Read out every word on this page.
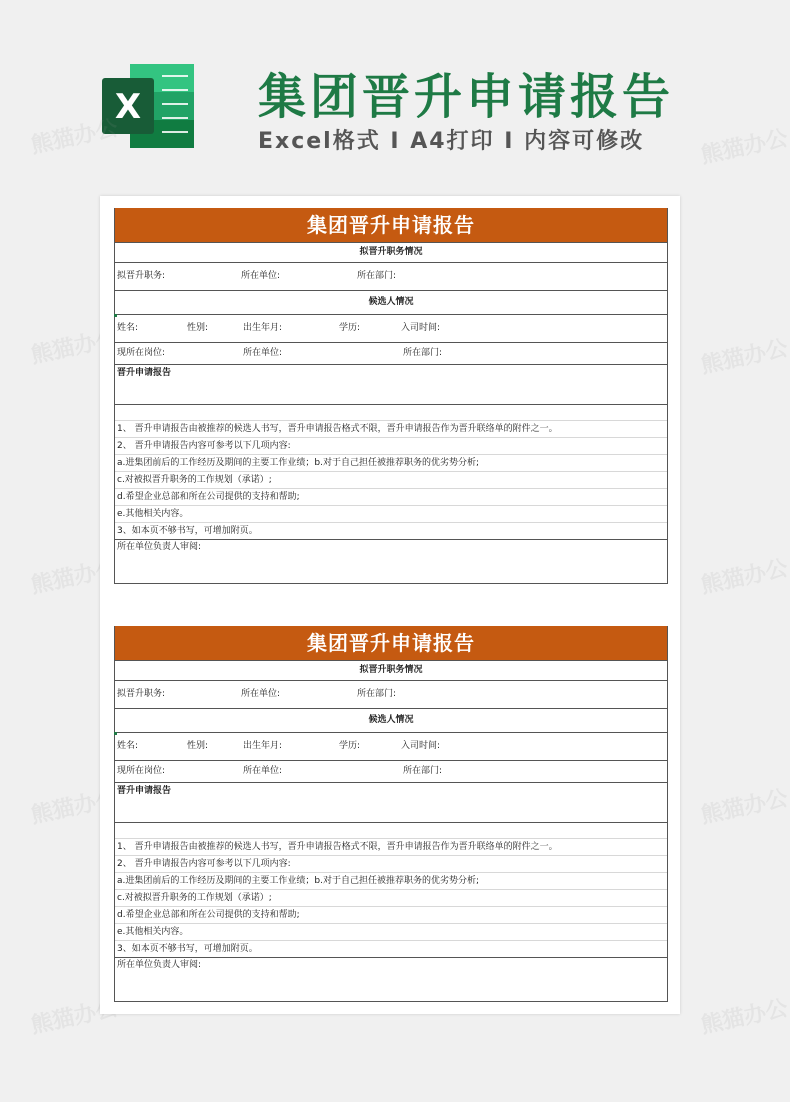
X 集团晋升申请报告
Excel格式 I A4打印 I 内容可修改
熊猫办公	熊猫办公
熊猫办公	熊猫办公
熊猫办公	熊猫办公
熊猫办公	熊猫办公
熊猫办公	熊猫办公
集团晋升申请报告
拟晋升职务情况
拟晋升职务:	所在单位:	所在部门:
候选人情况
姓名:	性别:	出生年月:	学历:	入司时间:
现所在岗位:	所在单位:	所在部门:
晋升申请报告
1、 晋升申请报告由被推荐的候选人书写，晋升申请报告格式不限，晋升申请报告作为晋升联络单的附件之一。
2、 晋升申请报告内容可参考以下几项内容:
a.进集团前后的工作经历及期间的主要工作业绩；b.对于自己担任被推荐职务的优劣势分析;
c.对被拟晋升职务的工作规划（承诺）;
d.希望企业总部和所在公司提供的支持和帮助;
e.其他相关内容。
3、如本页不够书写，可增加附页。
所在单位负责人审阅:
集团晋升申请报告
拟晋升职务情况
拟晋升职务:	所在单位:	所在部门:
候选人情况
姓名:	性别:	出生年月:	学历:	入司时间:
现所在岗位:	所在单位:	所在部门:
晋升申请报告
1、 晋升申请报告由被推荐的候选人书写，晋升申请报告格式不限，晋升申请报告作为晋升联络单的附件之一。
2、 晋升申请报告内容可参考以下几项内容:
a.进集团前后的工作经历及期间的主要工作业绩；b.对于自己担任被推荐职务的优劣势分析;
c.对被拟晋升职务的工作规划（承诺）;
d.希望企业总部和所在公司提供的支持和帮助;
e.其他相关内容。
3、如本页不够书写，可增加附页。
所在单位负责人审阅:
